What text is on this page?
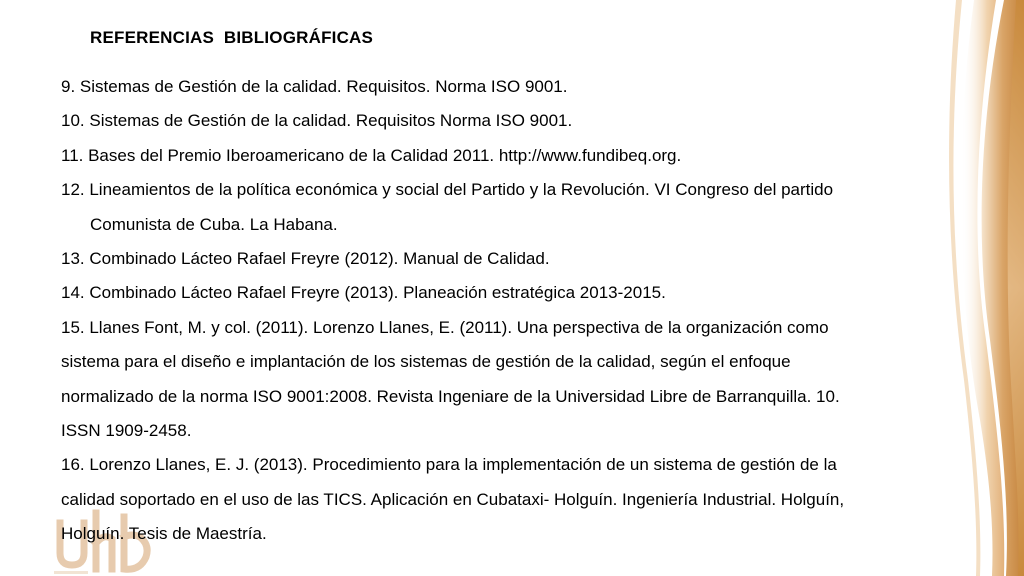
REFERENCIAS  BIBLIOGRÁFICAS
9. Sistemas de Gestión de la calidad. Requisitos. Norma ISO 9001.
10. Sistemas de Gestión de la calidad. Requisitos Norma ISO 9001.
11. Bases del Premio Iberoamericano de la Calidad 2011. http://www.fundibeq.org.
12. Lineamientos de la política económica y social del Partido y la Revolución. VI Congreso del partido
Comunista de Cuba. La Habana.
13. Combinado Lácteo Rafael Freyre (2012). Manual de Calidad.
14. Combinado Lácteo Rafael Freyre (2013). Planeación estratégica 2013-2015.
15. Llanes Font, M. y col. (2011). Lorenzo Llanes, E. (2011). Una perspectiva de la organización como
sistema para el diseño e implantación de los sistemas de gestión de la calidad, según el enfoque
normalizado de la norma ISO 9001:2008. Revista Ingeniare de la Universidad Libre de Barranquilla. 10.
ISSN 1909-2458.
16. Lorenzo Llanes, E. J. (2013). Procedimiento para la implementación de un sistema de gestión de la
calidad soportado en el uso de las TICS. Aplicación en Cubataxi- Holguín. Ingeniería Industrial. Holguín,
Holguín. Tesis de Maestría.
